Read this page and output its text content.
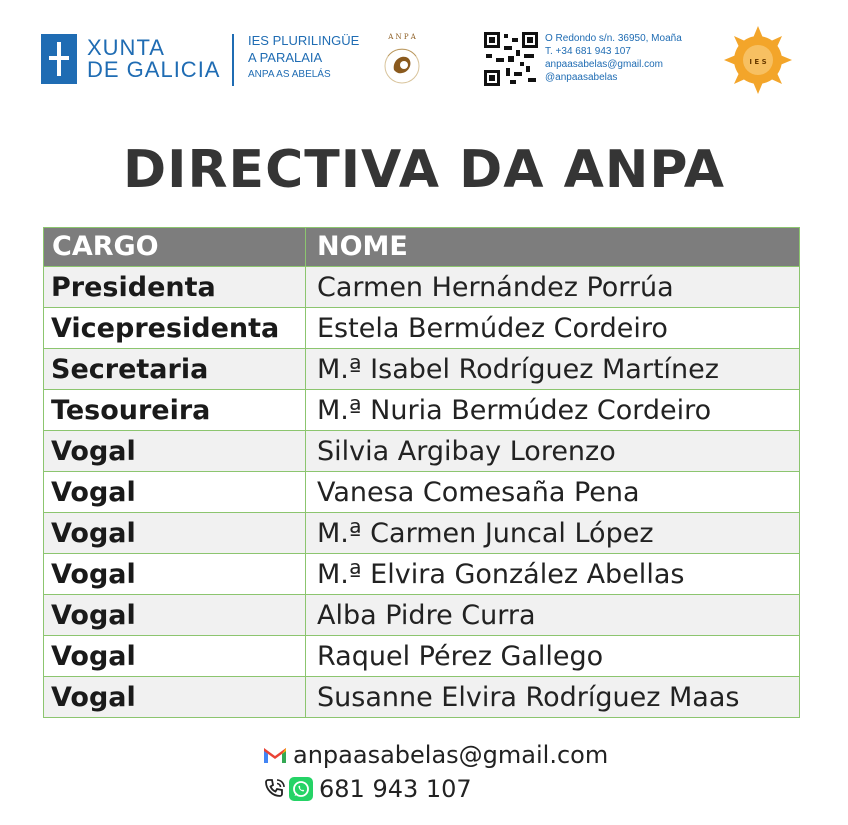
XUNTA
DE GALICIA
IES PLURILINGÜE
A PARALAIA
ANPA AS ABELÁS
A N P A	O Redondo s/n. 36950, Moaña
T. +34 681 943 107
anpaasabelas@gmail.com
@anpaasabelas
I E S
DIRECTIVA DA ANPA
CARGO	NOME
Presidenta	Carmen Hernández Porrúa
Vicepresidenta	Estela Bermúdez Cordeiro
Secretaria	M.ª Isabel Rodríguez Martínez
Tesoureira	M.ª Nuria Bermúdez Cordeiro
Vogal	Silvia Argibay Lorenzo
Vogal	Vanesa Comesaña Pena
Vogal	M.ª Carmen Juncal López
Vogal	M.ª Elvira González Abellas
Vogal	Alba Pidre Curra
Vogal	Raquel Pérez Gallego
Vogal	Susanne Elvira Rodríguez Maas
anpaasabelas@gmail.com
681 943 107
